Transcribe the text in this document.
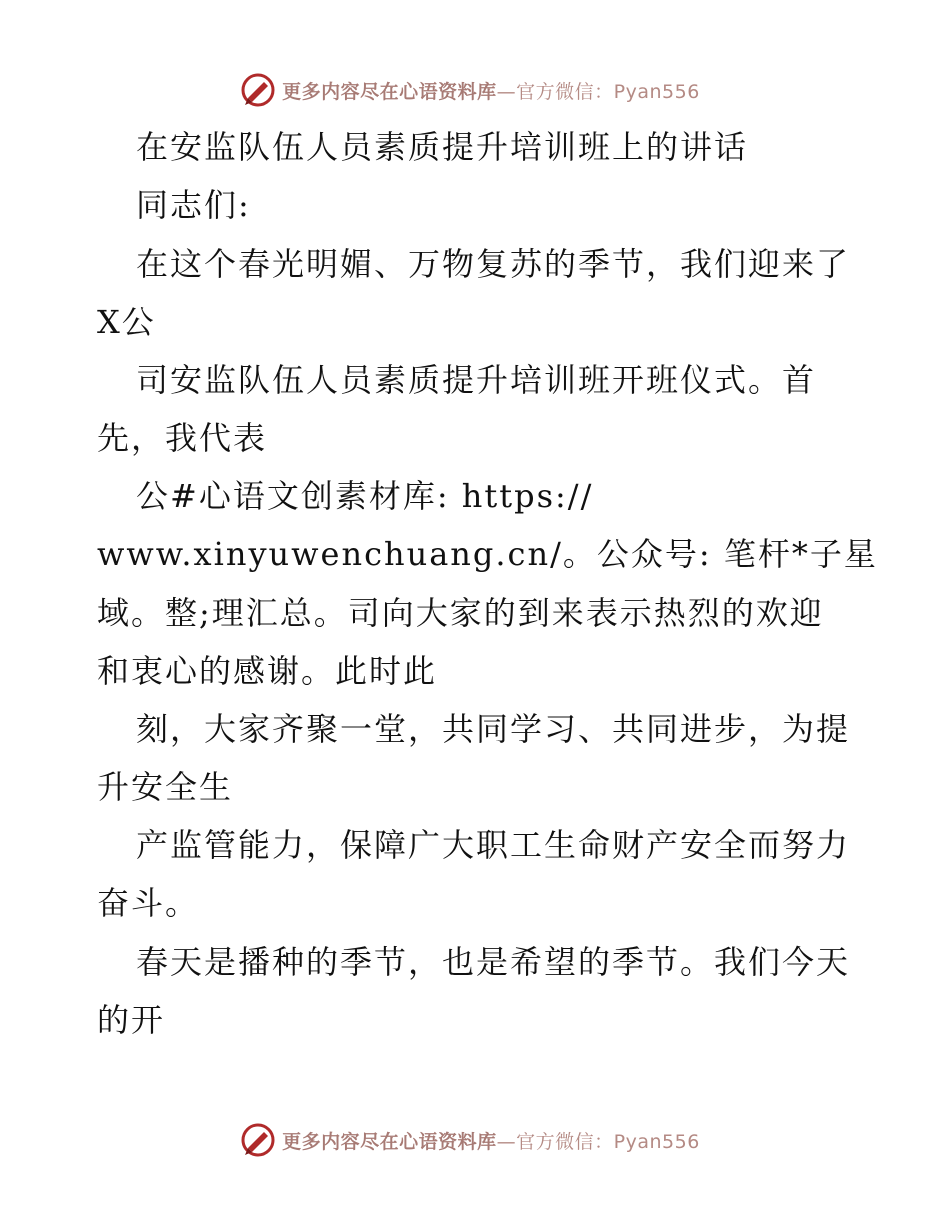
更多内容尽在心语资料库—官方微信：Pyan556
在安监队伍人员素质提升培训班上的讲话
同志们:
在这个春光明媚、万物复苏的季节，我们迎来了
X公
司安监队伍人员素质提升培训班开班仪式。首
先，我代表
公#心语文创素材库: https://
www.xinyuwenchuang.cn/。公众号: 笔杆*子星
域。整;理汇总。司向大家的到来表示热烈的欢迎
和衷心的感谢。此时此
刻，大家齐聚一堂，共同学习、共同进步，为提
升安全生
产监管能力，保障广大职工生命财产安全而努力
奋斗。
春天是播种的季节，也是希望的季节。我们今天
的开
更多内容尽在心语资料库—官方微信：Pyan556
